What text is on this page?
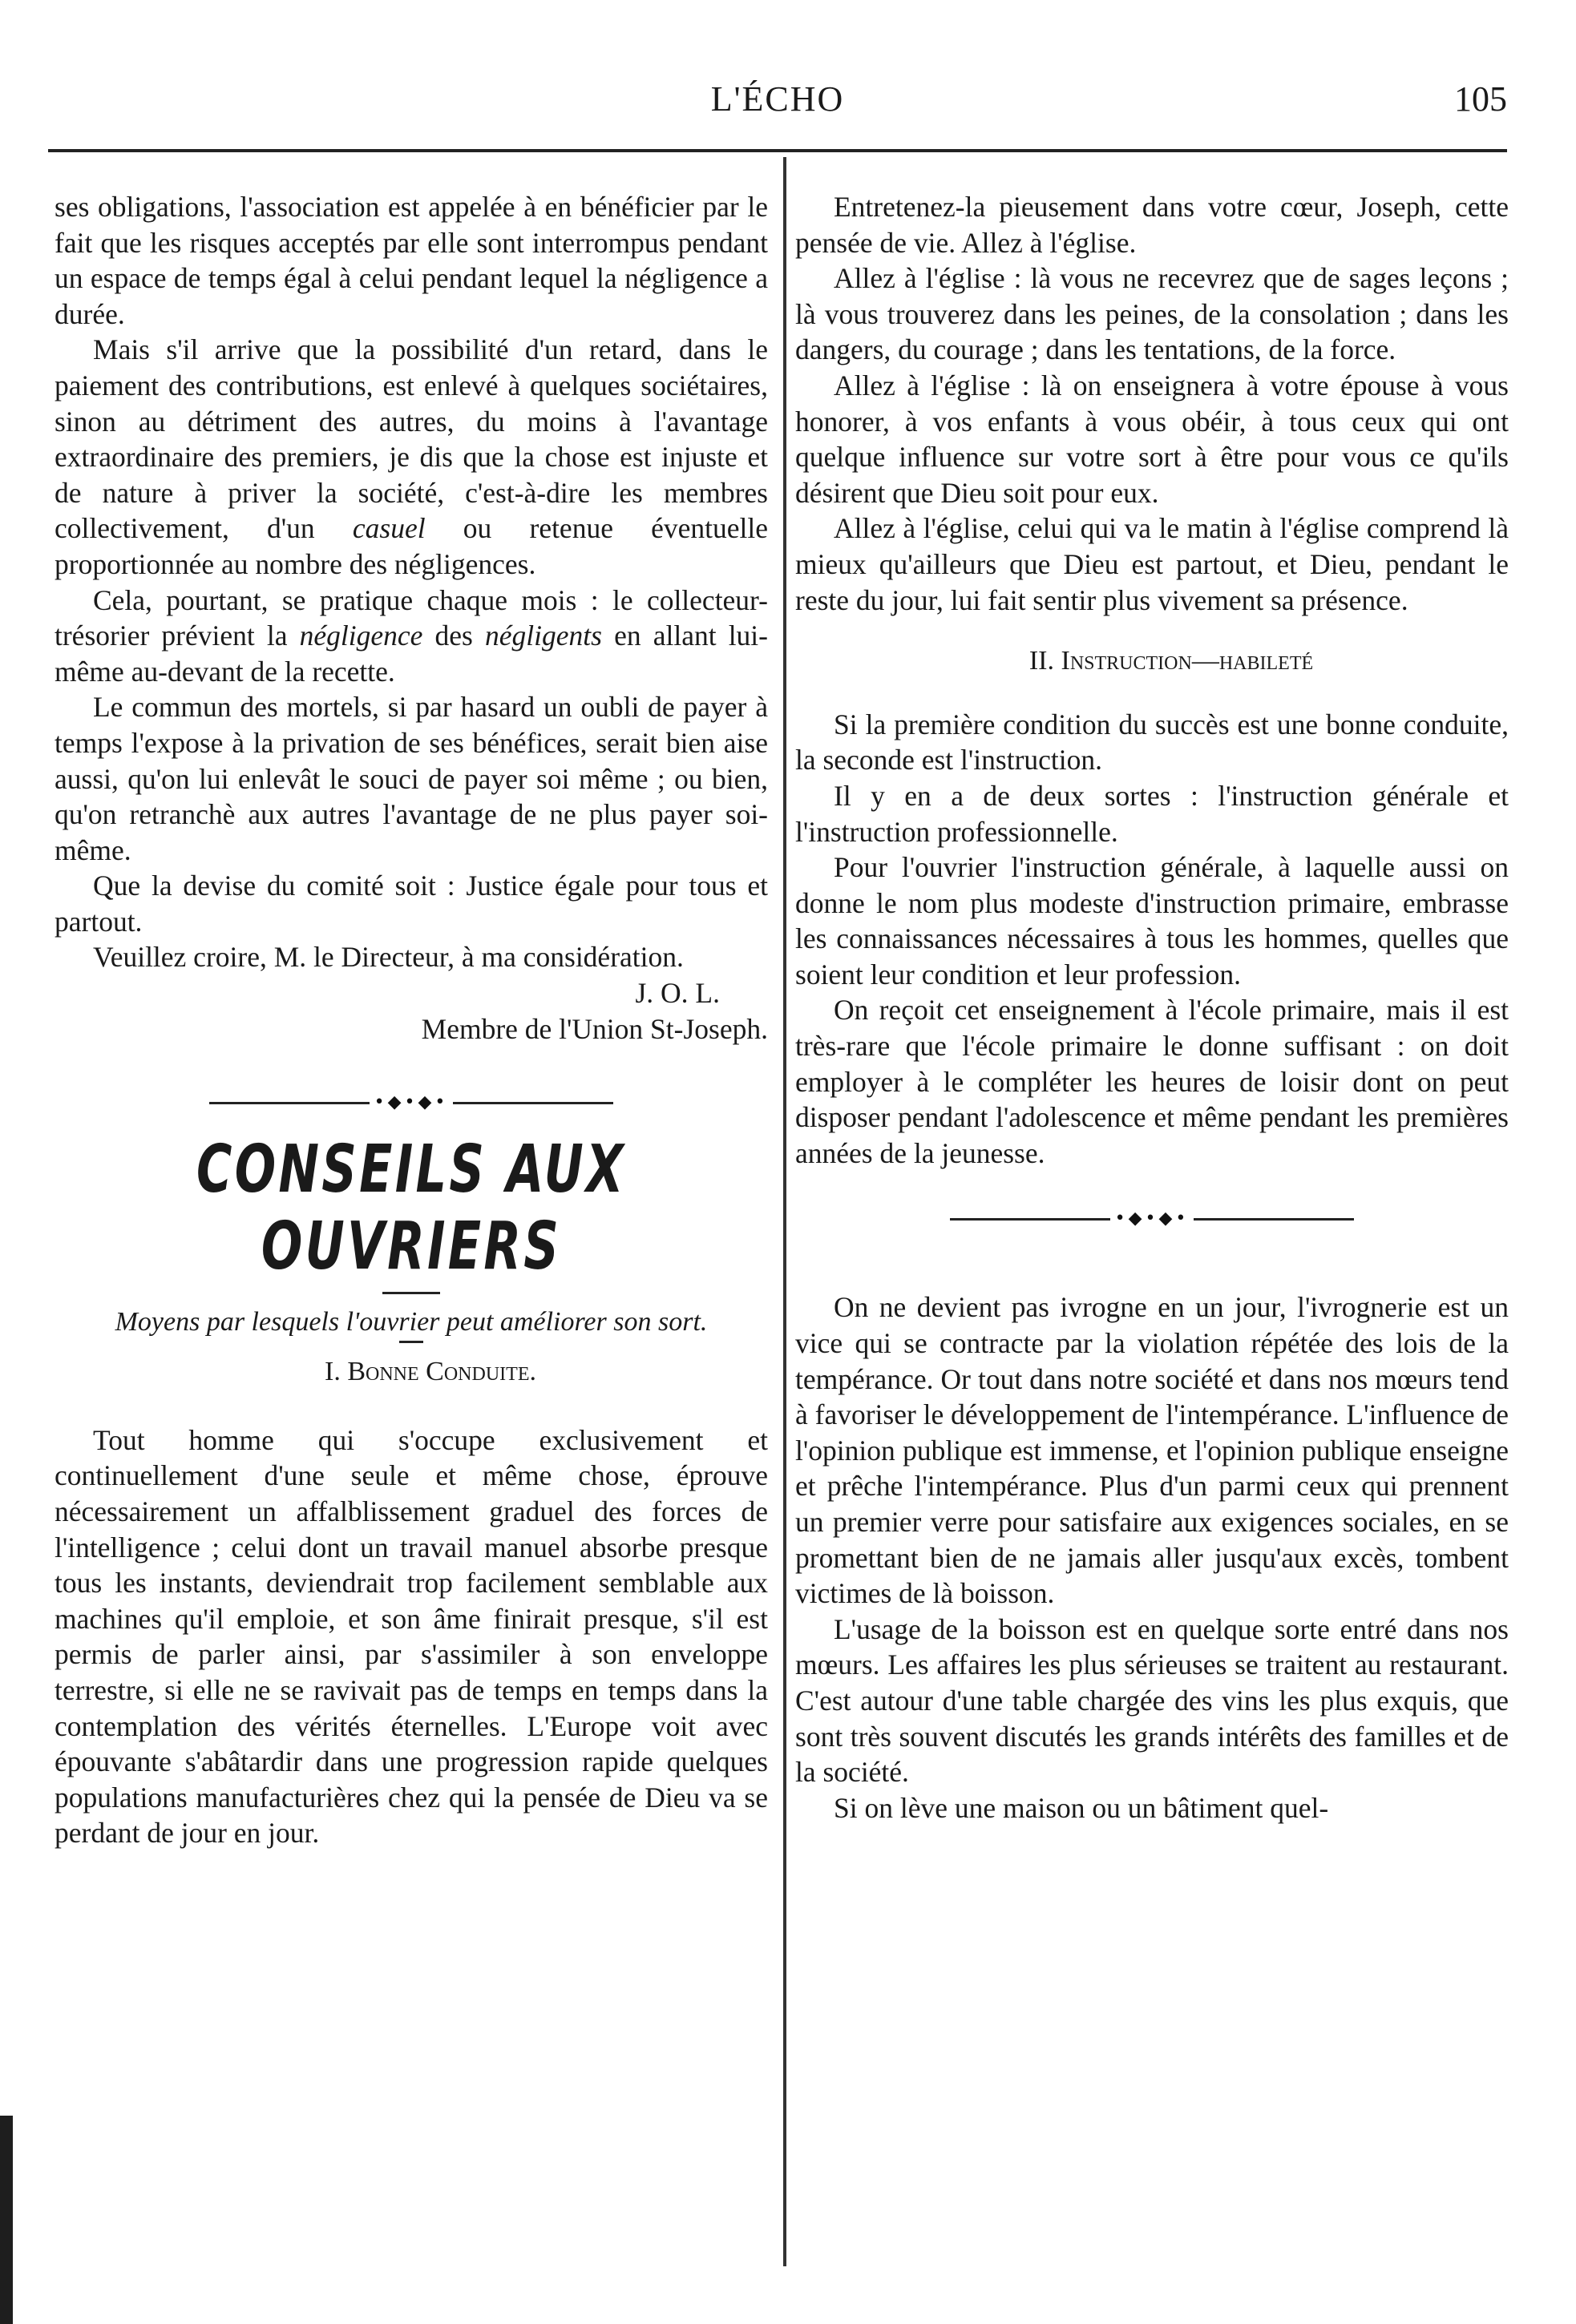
L'ÉCHO	105

ses obligations, l'association est appelée à en bénéficier par le fait que les risques acceptés par elle sont interrompus pendant un espace de temps égal à celui pendant lequel la négligence a durée.

Mais s'il arrive que la possibilité d'un retard, dans le paiement des contributions, est enlevé à quelques sociétaires, sinon au détriment des autres, du moins à l'avantage extraordinaire des premiers, je dis que la chose est injuste et de nature à priver la société, c'est-à-dire les membres collectivement, d'un casuel ou retenue éventuelle proportionnée au nombre des négligences.

Cela, pourtant, se pratique chaque mois : le collecteur-trésorier prévient la négligence des négligents en allant lui-même au-devant de la recette.

Le commun des mortels, si par hasard un oubli de payer à temps l'expose à la privation de ses bénéfices, serait bien aise aussi, qu'on lui enlevât le souci de payer soi même ; ou bien, qu'on retranchè aux autres l'avantage de ne plus payer soi-même.

Que la devise du comité soit : Justice égale pour tous et partout.

Veuillez croire, M. le Directeur, à ma considération.

J. O. L.

Membre de l'Union St-Joseph.

•◆•◆•
CONSEILS AUX OUVRIERS
Moyens par lesquels l'ouvrier peut améliorer son sort.

I. Bonne Conduite.

Tout homme qui s'occupe exclusivement et continuellement d'une seule et même chose, éprouve nécessairement un affalblissement graduel des forces de l'intelligence ; celui dont un travail manuel absorbe presque tous les instants, deviendrait trop facilement semblable aux machines qu'il emploie, et son âme finirait presque, s'il est permis de parler ainsi, par s'assimiler à son enveloppe terrestre, si elle ne se ravivait pas de temps en temps dans la contemplation des vérités éternelles. L'Europe voit avec épouvante s'abâtardir dans une progression rapide quelques populations manufacturières chez qui la pensée de Dieu va se perdant de jour en jour.

Entretenez-la pieusement dans votre cœur, Joseph, cette pensée de vie. Allez à l'église.

Allez à l'église : là vous ne recevrez que de sages leçons ; là vous trouverez dans les peines, de la consolation ; dans les dangers, du courage ; dans les tentations, de la force.

Allez à l'église : là on enseignera à votre épouse à vous honorer, à vos enfants à vous obéir, à tous ceux qui ont quelque influence sur votre sort à être pour vous ce qu'ils désirent que Dieu soit pour eux.

Allez à l'église, celui qui va le matin à l'église comprend là mieux qu'ailleurs que Dieu est partout, et Dieu, pendant le reste du jour, lui fait sentir plus vivement sa présence.

II. Instruction—habileté

Si la première condition du succès est une bonne conduite, la seconde est l'instruction.

Il y en a de deux sortes : l'instruction générale et l'instruction professionnelle.

Pour l'ouvrier l'instruction générale, à laquelle aussi on donne le nom plus modeste d'instruction primaire, embrasse les connaissances nécessaires à tous les hommes, quelles que soient leur condition et leur profession.

On reçoit cet enseignement à l'école primaire, mais il est très-rare que l'école primaire le donne suffisant : on doit employer à le compléter les heures de loisir dont on peut disposer pendant l'adolescence et même pendant les premières années de la jeunesse.

•◆•◆•

On ne devient pas ivrogne en un jour, l'ivrognerie est un vice qui se contracte par la violation répétée des lois de la tempérance. Or tout dans notre société et dans nos mœurs tend à favoriser le développement de l'intempérance. L'influence de l'opinion publique est immense, et l'opinion publique enseigne et prêche l'intempérance. Plus d'un parmi ceux qui prennent un premier verre pour satisfaire aux exigences sociales, en se promettant bien de ne jamais aller jusqu'aux excès, tombent victimes de là boisson.

L'usage de la boisson est en quelque sorte entré dans nos mœurs. Les affaires les plus sérieuses se traitent au restaurant. C'est autour d'une table chargée des vins les plus exquis, que sont très souvent discutés les grands intérêts des familles et de la société.

Si on lève une maison ou un bâtiment quel-
